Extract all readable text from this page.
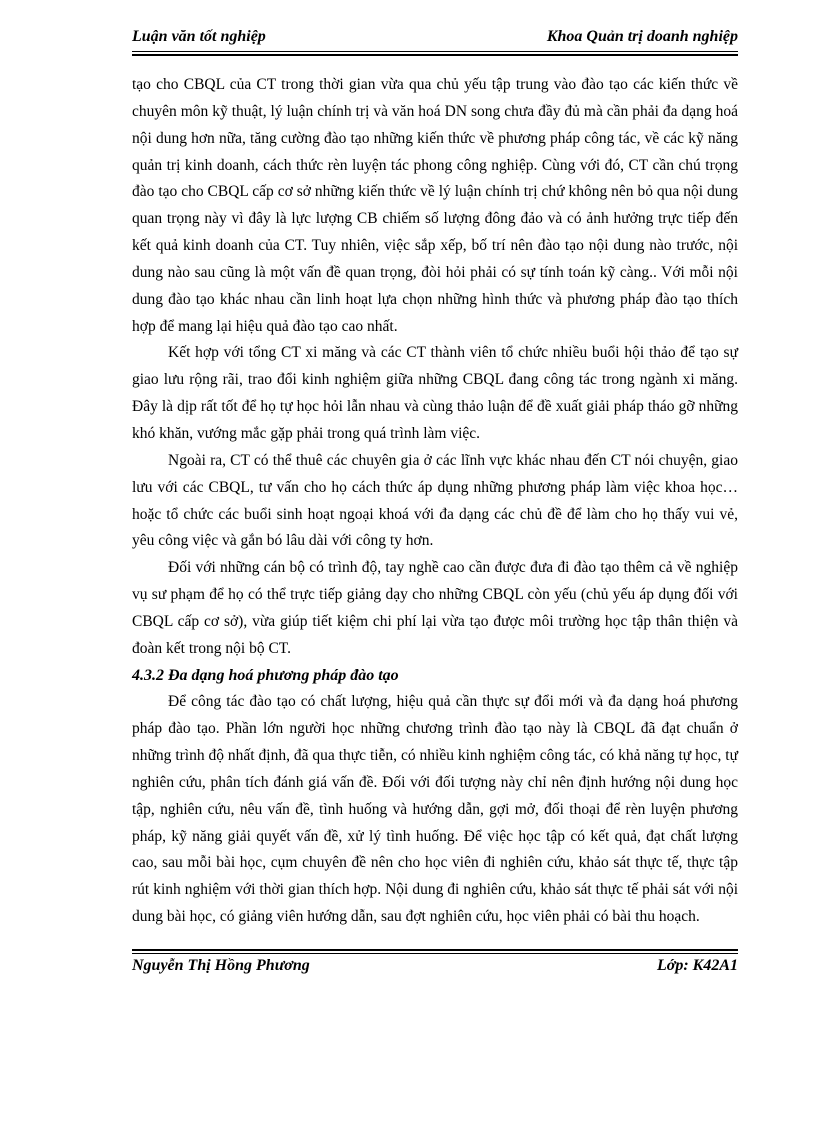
Luận văn tốt nghiệp	Khoa Quản trị doanh nghiệp

tạo cho CBQL của CT trong thời gian vừa qua chủ yếu tập trung vào đào tạo các kiến thức về chuyên môn kỹ thuật, lý luận chính trị và văn hoá DN song chưa đầy đủ mà cần phải đa dạng hoá nội dung hơn nữa, tăng cường đào tạo những kiến thức về phương pháp công tác, về các kỹ năng quản trị kinh doanh, cách thức rèn luyện tác phong công nghiệp. Cùng với đó, CT cần chú trọng đào tạo cho CBQL cấp cơ sở những kiến thức về lý luận chính trị chứ không nên bỏ qua nội dung quan trọng này vì đây là lực lượng CB chiếm số lượng đông đảo và có ảnh hưởng trực tiếp đến kết quả kinh doanh của CT. Tuy nhiên, việc sắp xếp, bố trí nên đào tạo nội dung nào trước, nội dung nào sau cũng là một vấn đề quan trọng, đòi hỏi phải có sự tính toán kỹ càng.. Với mỗi nội dung đào tạo khác nhau cần linh hoạt lựa chọn những hình thức và phương pháp đào tạo thích hợp để mang lại hiệu quả đào tạo cao nhất.

Kết hợp với tổng CT xi măng và các CT thành viên tổ chức nhiều buổi hội thảo để tạo sự giao lưu rộng rãi, trao đổi kinh nghiệm giữa những CBQL đang công tác trong ngành xi măng. Đây là dịp rất tốt để họ tự học hỏi lẫn nhau và cùng thảo luận để đề xuất giải pháp tháo gỡ những khó khăn, vướng mắc gặp phải trong quá trình làm việc.

Ngoài ra, CT có thể thuê các chuyên gia ở các lĩnh vực khác nhau đến CT nói chuyện, giao lưu với các CBQL, tư vấn cho họ cách thức áp dụng những phương pháp làm việc khoa học…hoặc tổ chức các buổi sinh hoạt ngoại khoá với đa dạng các chủ đề để làm cho họ thấy vui vẻ, yêu công việc và gắn bó lâu dài với công ty hơn.

Đối với những cán bộ có trình độ, tay nghề cao cần được đưa đi đào tạo thêm cả về nghiệp vụ sư phạm để họ có thể trực tiếp giảng dạy cho những CBQL còn yếu (chủ yếu áp dụng đối với CBQL cấp cơ sở), vừa giúp tiết kiệm chi phí lại vừa tạo được môi trường học tập thân thiện và đoàn kết trong nội bộ CT.

4.3.2 Đa dạng hoá phương pháp đào tạo

Để công tác đào tạo có chất lượng, hiệu quả cần thực sự đổi mới và đa dạng hoá phương pháp đào tạo. Phần lớn người học những chương trình đào tạo này là CBQL đã đạt chuẩn ở những trình độ nhất định, đã qua thực tiễn, có nhiều kinh nghiệm công tác, có khả năng tự học, tự nghiên cứu, phân tích đánh giá vấn đề. Đối với đối tượng này chỉ nên định hướng nội dung học tập, nghiên cứu, nêu vấn đề, tình huống và hướng dẫn, gợi mở, đối thoại để rèn luyện phương pháp, kỹ năng giải quyết vấn đề, xử lý tình huống. Để việc học tập có kết quả, đạt chất lượng cao, sau mỗi bài học, cụm chuyên đề nên cho học viên đi nghiên cứu, khảo sát thực tế, thực tập rút kinh nghiệm với thời gian thích hợp. Nội dung đi nghiên cứu, khảo sát thực tế phải sát với nội dung bài học, có giảng viên hướng dẫn, sau đợt nghiên cứu, học viên phải có bài thu hoạch.

Nguyễn Thị Hồng Phương	Lớp: K42A1
